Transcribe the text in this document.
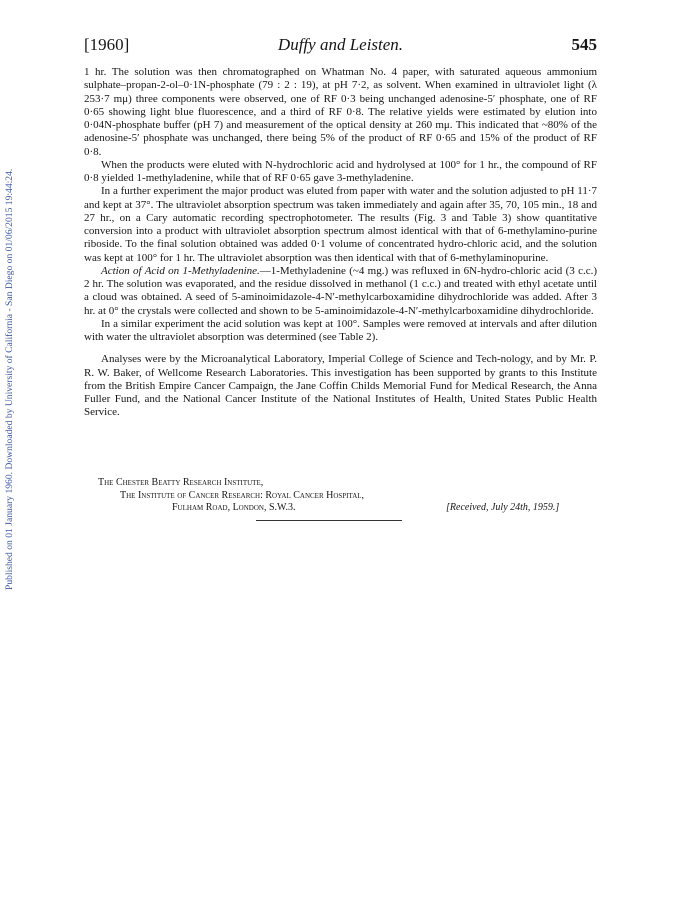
Published on 01 January 1960. Downloaded by University of California - San Diego on 01/06/2015 19:44:24.
[1960]	Duffy and Leisten.	545

1 hr. The solution was then chromatographed on Whatman No. 4 paper, with saturated aqueous ammonium sulphate–propan-2-ol–0·1N-phosphate (79 : 2 : 19), at pH 7·2, as solvent. When examined in ultraviolet light (λ 253·7 mμ) three components were observed, one of RF 0·3 being unchanged adenosine-5′ phosphate, one of RF 0·65 showing light blue fluorescence, and a third of RF 0·8. The relative yields were estimated by elution into 0·04N-phosphate buffer (pH 7) and measurement of the optical density at 260 mμ. This indicated that ~80% of the adenosine-5′ phosphate was unchanged, there being 5% of the product of RF 0·65 and 15% of the product of RF 0·8.

When the products were eluted with N-hydrochloric acid and hydrolysed at 100° for 1 hr., the compound of RF 0·8 yielded 1-methyladenine, while that of RF 0·65 gave 3-methyladenine.

In a further experiment the major product was eluted from paper with water and the solution adjusted to pH 11·7 and kept at 37°. The ultraviolet absorption spectrum was taken immediately and again after 35, 70, 105 min., 18 and 27 hr., on a Cary automatic recording spectrophotometer. The results (Fig. 3 and Table 3) show quantitative conversion into a product with ultraviolet absorption spectrum almost identical with that of 6-methylamino-purine riboside. To the final solution obtained was added 0·1 volume of concentrated hydro-chloric acid, and the solution was kept at 100° for 1 hr. The ultraviolet absorption was then identical with that of 6-methylaminopurine.

Action of Acid on 1-Methyladenine.—1-Methyladenine (~4 mg.) was refluxed in 6N-hydro-chloric acid (3 c.c.) 2 hr. The solution was evaporated, and the residue dissolved in methanol (1 c.c.) and treated with ethyl acetate until a cloud was obtained. A seed of 5-aminoimidazole-4-N′-methylcarboxamidine dihydrochloride was added. After 3 hr. at 0° the crystals were collected and shown to be 5-aminoimidazole-4-N′-methylcarboxamidine dihydrochloride.

In a similar experiment the acid solution was kept at 100°. Samples were removed at intervals and after dilution with water the ultraviolet absorption was determined (see Table 2).

Analyses were by the Microanalytical Laboratory, Imperial College of Science and Tech-nology, and by Mr. P. R. W. Baker, of Wellcome Research Laboratories. This investigation has been supported by grants to this Institute from the British Empire Cancer Campaign, the Jane Coffin Childs Memorial Fund for Medical Research, the Anna Fuller Fund, and the National Cancer Institute of the National Institutes of Health, United States Public Health Service.

The Chester Beatty Research Institute,
The Institute of Cancer Research: Royal Cancer Hospital,
Fulham Road, London, S.W.3.	[Received, July 24th, 1959.]
